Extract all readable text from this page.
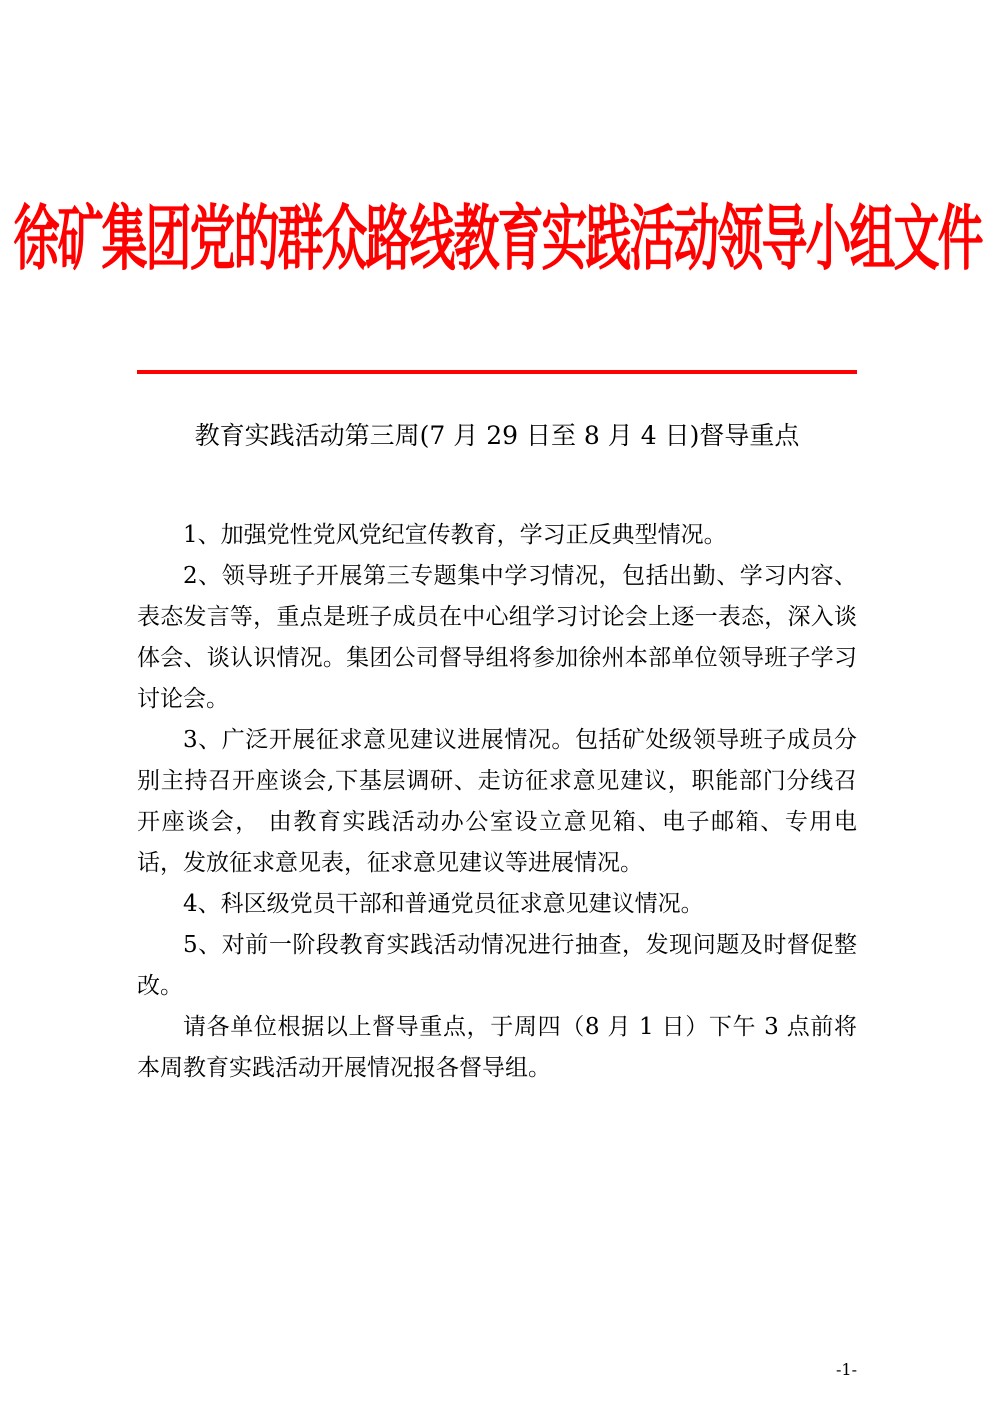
徐矿集团党的群众路线教育实践活动领导小组文件
教育实践活动第三周(7 月 29 日至 8 月 4 日)督导重点

1、加强党性党风党纪宣传教育，学习正反典型情况。

2、领导班子开展第三专题集中学习情况，包括出勤、学习内容、表态发言等，重点是班子成员在中心组学习讨论会上逐一表态，深入谈体会、谈认识情况。集团公司督导组将参加徐州本部单位领导班子学习讨论会。

3、广泛开展征求意见建议进展情况。包括矿处级领导班子成员分别主持召开座谈会,下基层调研、走访征求意见建议，职能部门分线召开座谈会， 由教育实践活动办公室设立意见箱、电子邮箱、专用电话，发放征求意见表，征求意见建议等进展情况。

4、科区级党员干部和普通党员征求意见建议情况。

5、对前一阶段教育实践活动情况进行抽查，发现问题及时督促整改。

请各单位根据以上督导重点，于周四（8 月 1 日）下午 3 点前将本周教育实践活动开展情况报各督导组。

-1-
